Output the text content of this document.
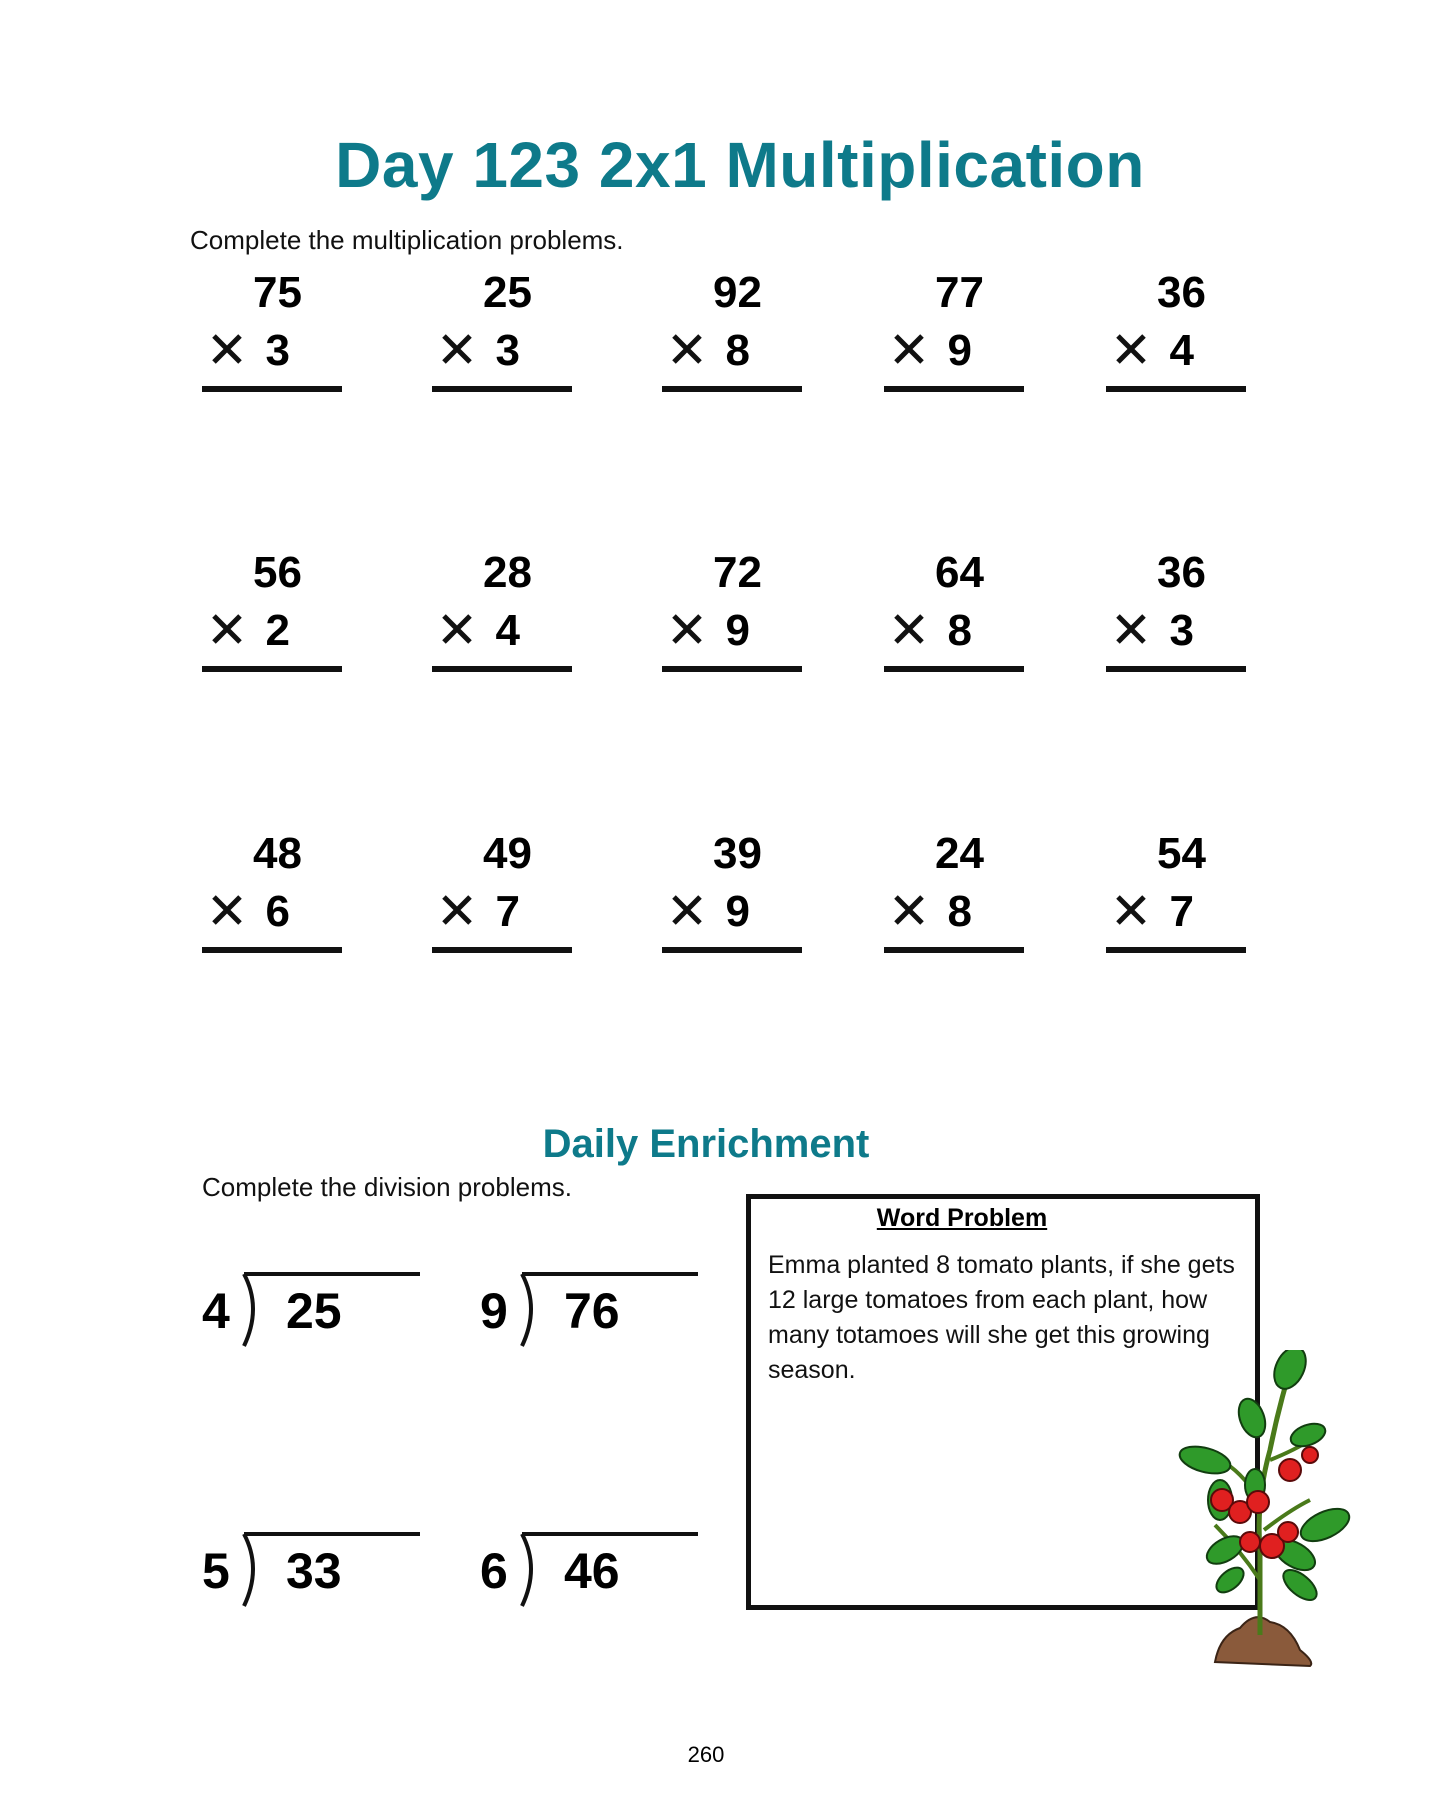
Day 123 2x1 Multiplication
Complete the multiplication problems.
75
3
25
3
92
8
77
9
36
4
56
2
28
4
72
9
64
8
36
3
48
6
49
7
39
9
24
8
54
7
Daily Enrichment
Complete the division problems.
4 25	9 76
5 33	6 46
Word Problem
Emma planted 8 tomato plants, if she gets 12 large tomatoes from each plant, how many totamoes will she get this growing season.
260
